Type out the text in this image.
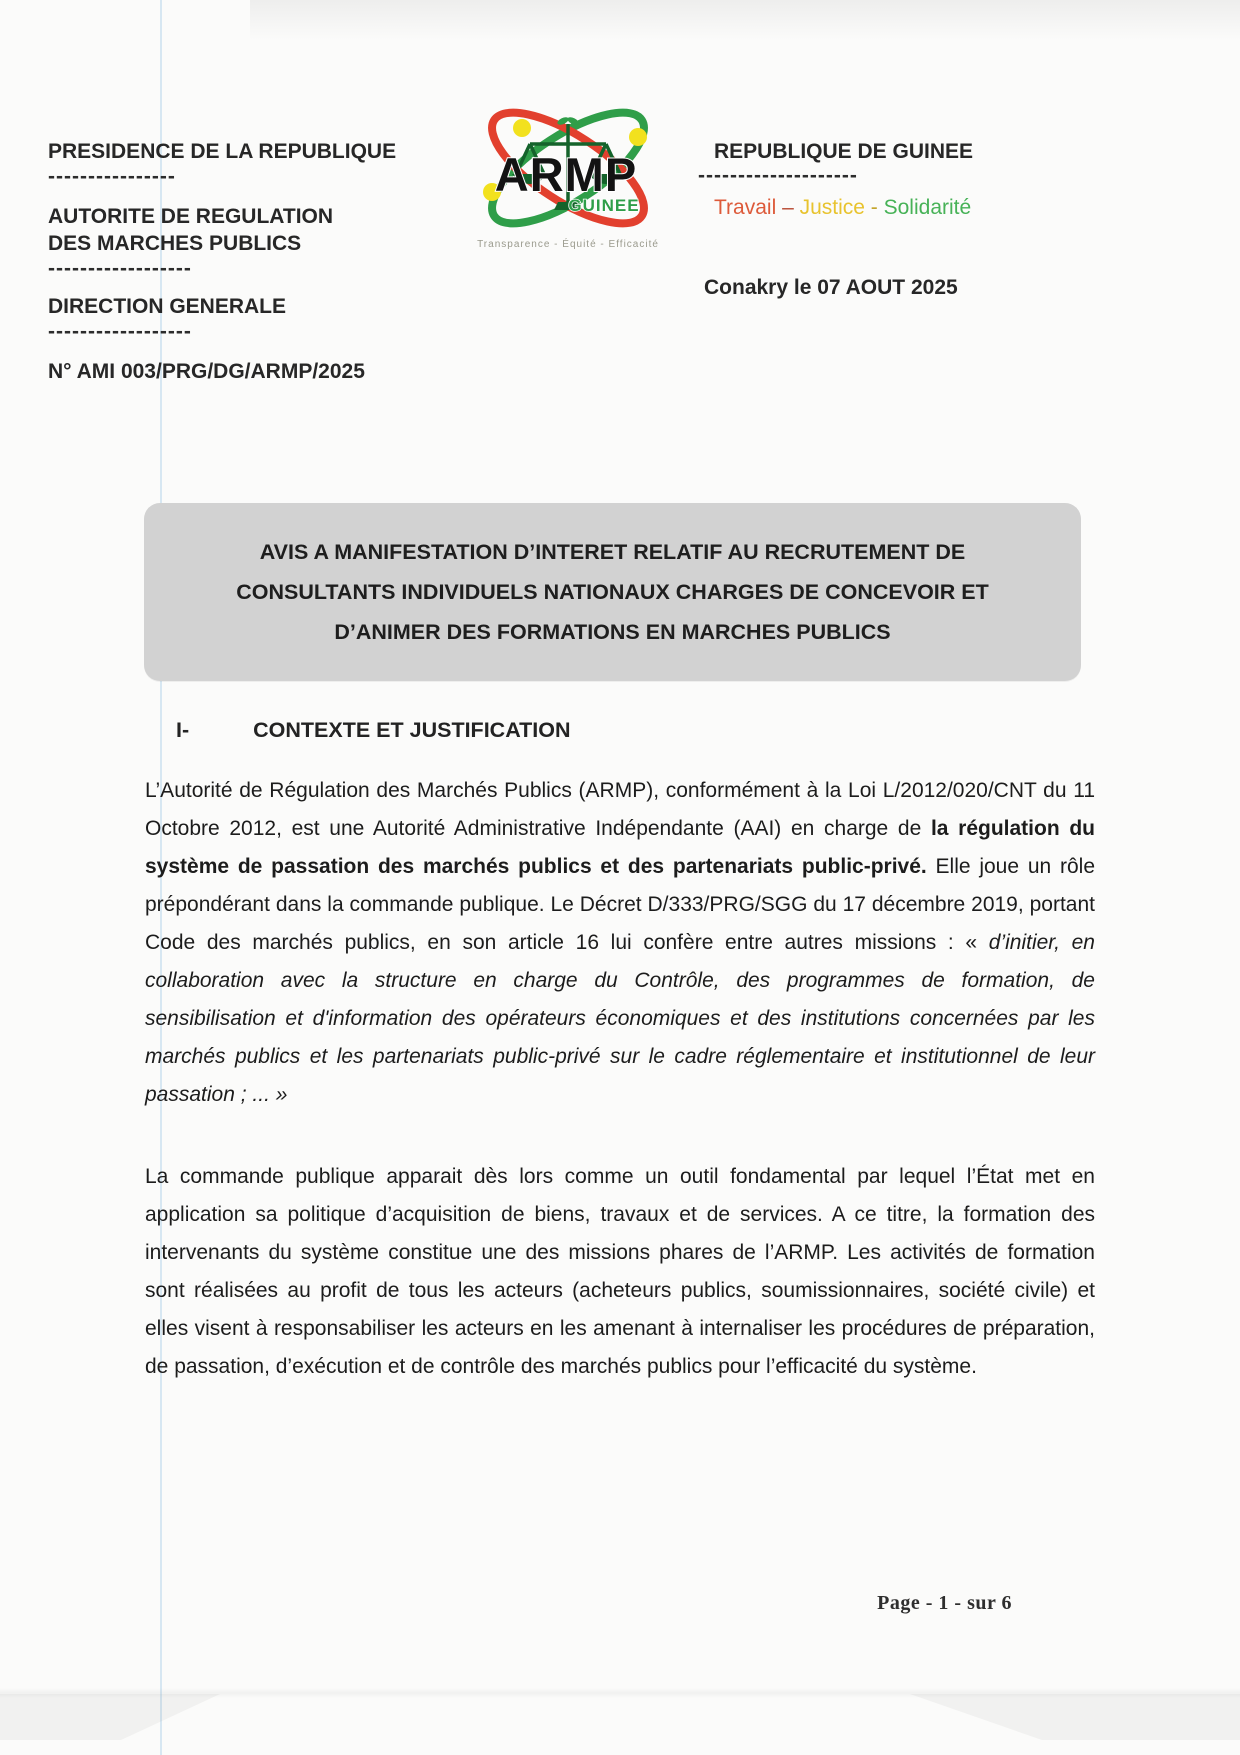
PRESIDENCE DE LA REPUBLIQUE
----------------
AUTORITE DE REGULATION
DES MARCHES PUBLICS
------------------
DIRECTION GENERALE
------------------
N° AMI 003/PRG/DG/ARMP/2025
ARMP
GUINEE
Transparence - Équité - Efficacité
REPUBLIQUE DE GUINEE
--------------------
Travail – Justice - Solidarité
Conakry le 07 AOUT 2025
AVIS A MANIFESTATION D’INTERET RELATIF AU RECRUTEMENT DE CONSULTANTS INDIVIDUELS NATIONAUX CHARGES DE CONCEVOIR ET D’ANIMER DES FORMATIONS EN MARCHES PUBLICS
I-	CONTEXTE ET JUSTIFICATION

L’Autorité de Régulation des Marchés Publics (ARMP), conformément à la Loi L/2012/020/CNT du 11 Octobre 2012, est une Autorité Administrative Indépendante (AAI) en charge de la régulation du système de passation des marchés publics et des partenariats public-privé. Elle joue un rôle prépondérant dans la commande publique. Le Décret D/333/PRG/SGG du 17 décembre 2019, portant Code des marchés publics, en son article 16 lui confère entre autres missions : « d’initier, en collaboration avec la structure en charge du Contrôle, des programmes de formation, de sensibilisation et d'information des opérateurs économiques et des institutions concernées par les marchés publics et les partenariats public-privé sur le cadre réglementaire et institutionnel de leur passation ; ... »

La commande publique apparait dès lors comme un outil fondamental par lequel l’État met en application sa politique d’acquisition de biens, travaux et de services. A ce titre, la formation des intervenants du système constitue une des missions phares de l’ARMP. Les activités de formation sont réalisées au profit de tous les acteurs (acheteurs publics, soumissionnaires, société civile) et elles visent à responsabiliser les acteurs en les amenant à internaliser les procédures de préparation, de passation, d’exécution et de contrôle des marchés publics pour l’efficacité du système.

Page - 1 - sur 6
